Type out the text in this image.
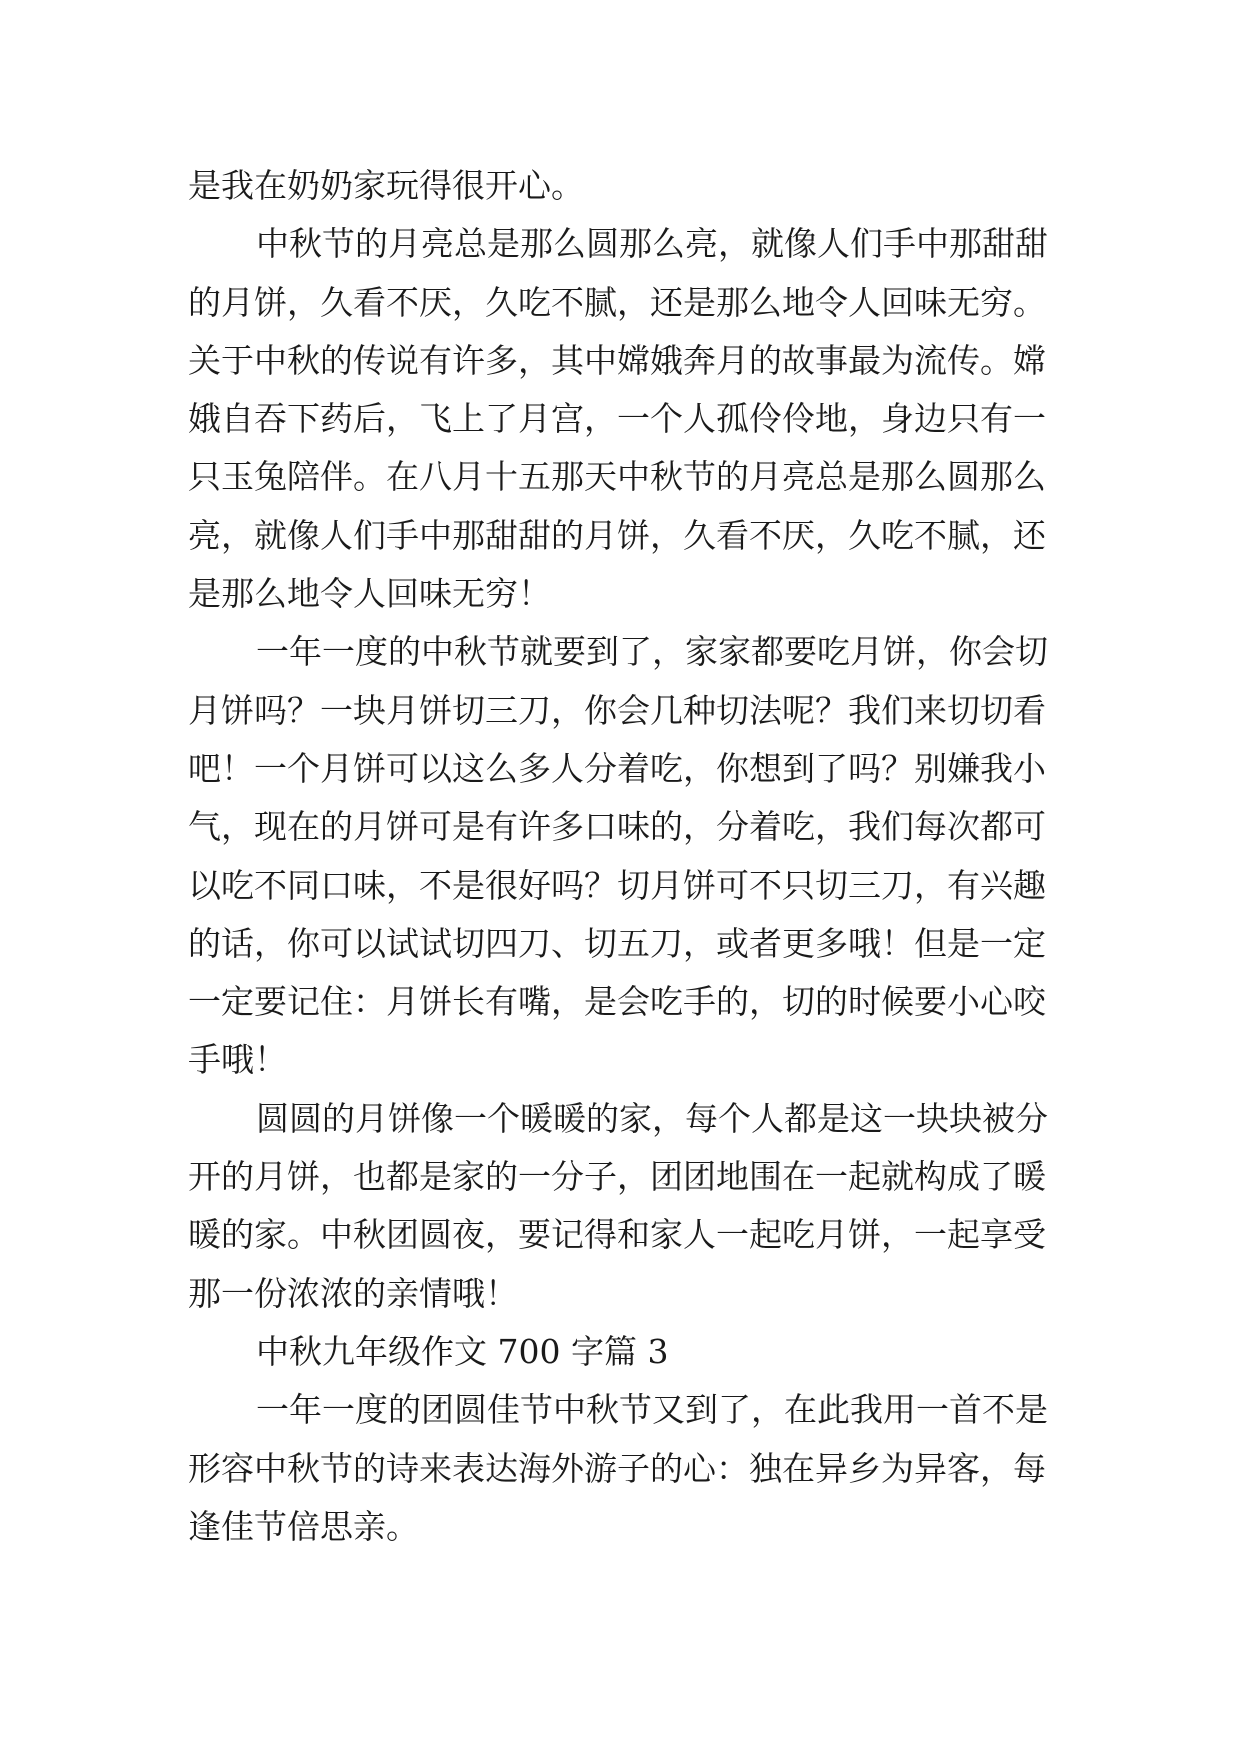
是我在奶奶家玩得很开心。
中秋节的月亮总是那么圆那么亮，就像人们手中那甜甜
的月饼，久看不厌，久吃不腻，还是那么地令人回味无穷。
关于中秋的传说有许多，其中嫦娥奔月的故事最为流传。嫦
娥自吞下药后，飞上了月宫，一个人孤伶伶地，身边只有一
只玉兔陪伴。在八月十五那天中秋节的月亮总是那么圆那么
亮，就像人们手中那甜甜的月饼，久看不厌，久吃不腻，还
是那么地令人回味无穷！
一年一度的中秋节就要到了，家家都要吃月饼，你会切
月饼吗？一块月饼切三刀，你会几种切法呢？我们来切切看
吧！一个月饼可以这么多人分着吃，你想到了吗？别嫌我小
气，现在的月饼可是有许多口味的，分着吃，我们每次都可
以吃不同口味，不是很好吗？切月饼可不只切三刀，有兴趣
的话，你可以试试切四刀、切五刀，或者更多哦！但是一定
一定要记住：月饼长有嘴，是会吃手的，切的时候要小心咬
手哦！
圆圆的月饼像一个暖暖的家，每个人都是这一块块被分
开的月饼，也都是家的一分子，团团地围在一起就构成了暖
暖的家。中秋团圆夜，要记得和家人一起吃月饼，一起享受
那一份浓浓的亲情哦！
中秋九年级作文 700 字篇 3
一年一度的团圆佳节中秋节又到了，在此我用一首不是
形容中秋节的诗来表达海外游子的心：独在异乡为异客，每
逢佳节倍思亲。
